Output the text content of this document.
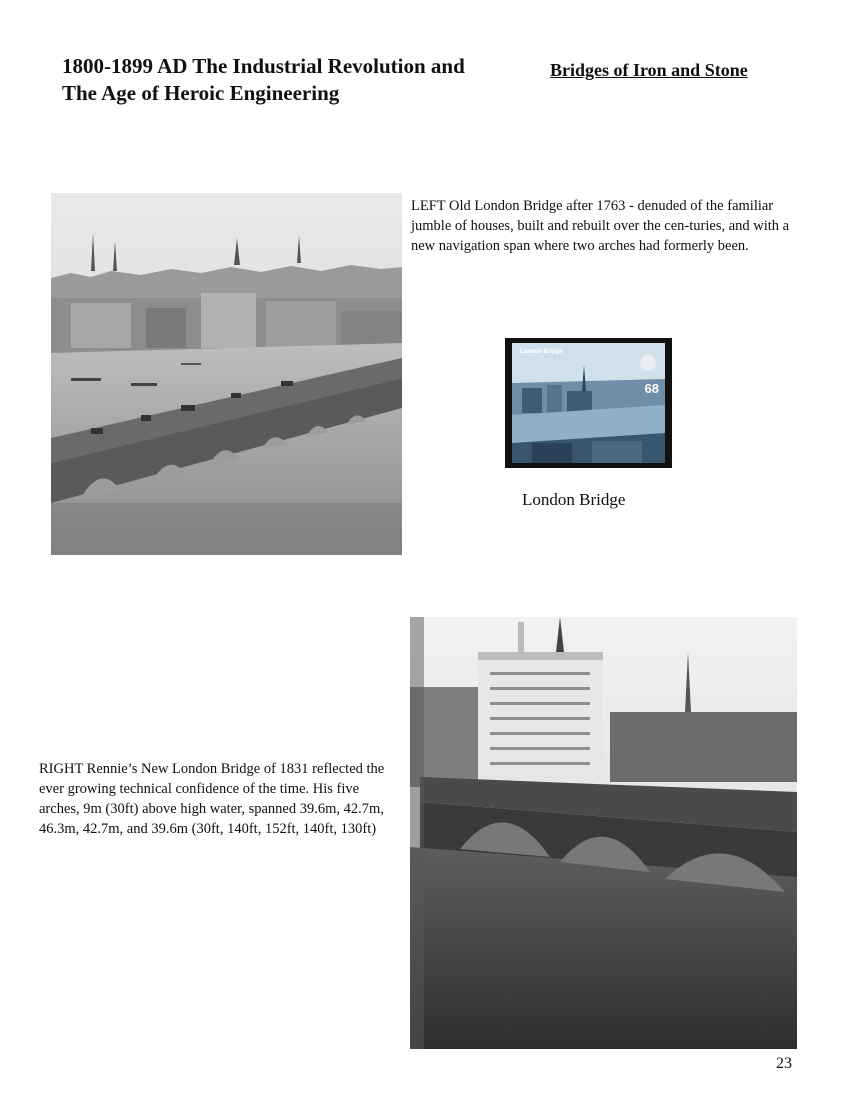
1800-1899 AD The Industrial Revolution and
The Age of Heroic Engineering
Bridges of Iron and Stone
LEFT Old London Bridge after 1763 - denuded of the familiar jumble of houses, built and rebuilt over the cen-turies, and with a new navigation span where two arches had formerly been.
London Bridge
68
London Bridge
RIGHT Rennie’s New London Bridge of 1831 reflected the ever growing technical confidence of the time. His five arches, 9m (30ft) above high water, spanned 39.6m, 42.7m, 46.3m, 42.7m, and 39.6m (30ft, 140ft, 152ft, 140ft, 130ft)
23
